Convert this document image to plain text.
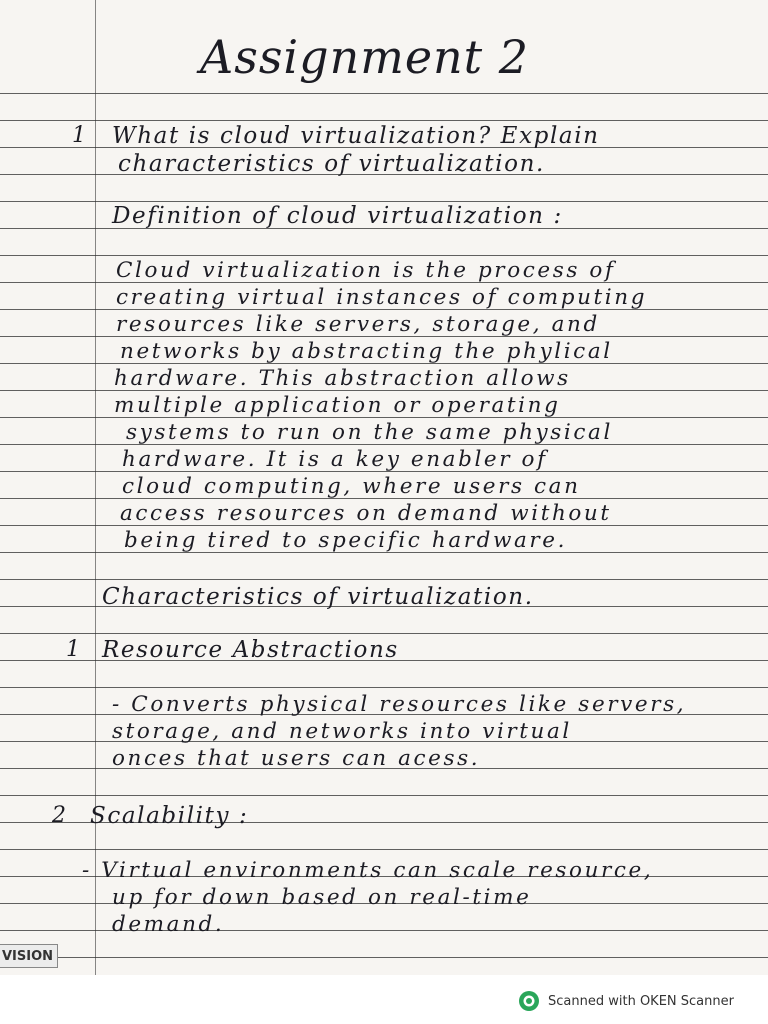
Assignment 2
1 What is cloud virtualization? Explain
characteristics of virtualization.
Definition of cloud virtualization :
Cloud virtualization is the process of
creating virtual instances of computing
resources like servers, storage, and
networks by abstracting the phylical
hardware. This abstraction allows
multiple application or operating
systems to run on the same physical
hardware. It is a key enabler of
cloud computing, where users can
access resources on demand without
being tired to specific hardware.
Characteristics of virtualization.
1 Resource Abstractions
- Converts physical resources like servers,
storage, and networks into virtual
onces that users can acess.
2 Scalability :
- Virtual environments can scale resource,
up for down based on real-time
demand.
VISION
Scanned with OKEN Scanner
